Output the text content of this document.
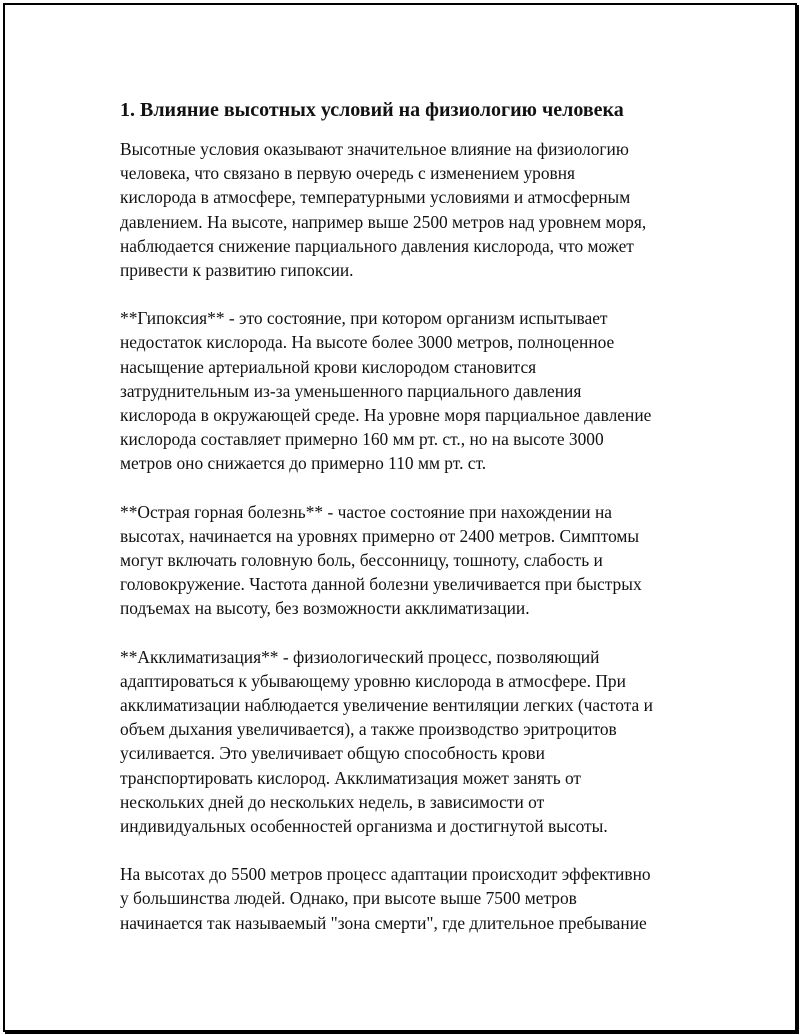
1. Влияние высотных условий на физиологию человека
Высотные условия оказывают значительное влияние на физиологию
человека, что связано в первую очередь с изменением уровня
кислорода в атмосфере, температурными условиями и атмосферным
давлением. На высоте, например выше 2500 метров над уровнем моря,
наблюдается снижение парциального давления кислорода, что может
привести к развитию гипоксии.
**Гипоксия** - это состояние, при котором организм испытывает
недостаток кислорода. На высоте более 3000 метров, полноценное
насыщение артериальной крови кислородом становится
затруднительным из-за уменьшенного парциального давления
кислорода в окружающей среде. На уровне моря парциальное давление
кислорода составляет примерно 160 мм рт. ст., но на высоте 3000
метров оно снижается до примерно 110 мм рт. ст.
**Острая горная болезнь** - частое состояние при нахождении на
высотах, начинается на уровнях примерно от 2400 метров. Симптомы
могут включать головную боль, бессонницу, тошноту, слабость и
головокружение. Частота данной болезни увеличивается при быстрых
подъемах на высоту, без возможности акклиматизации.
**Акклиматизация** - физиологический процесс, позволяющий
адаптироваться к убывающему уровню кислорода в атмосфере. При
акклиматизации наблюдается увеличение вентиляции легких (частота и
объем дыхания увеличивается), а также производство эритроцитов
усиливается. Это увеличивает общую способность крови
транспортировать кислород. Акклиматизация может занять от
нескольких дней до нескольких недель, в зависимости от
индивидуальных особенностей организма и достигнутой высоты.
На высотах до 5500 метров процесс адаптации происходит эффективно
у большинства людей. Однако, при высоте выше 7500 метров
начинается так называемый "зона смерти", где длительное пребывание
